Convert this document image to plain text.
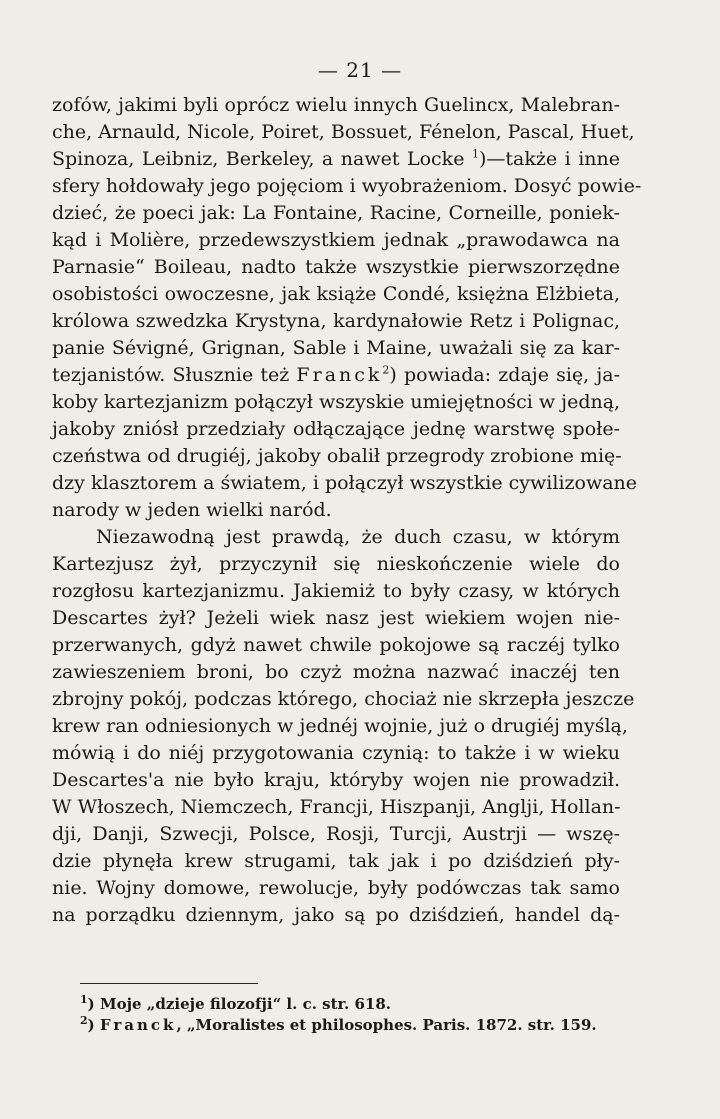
— 21 —
zofów, jakimi byli oprócz wielu innych Guelincx, Malebran-
che, Arnauld, Nicole, Poiret, Bossuet, Fénelon, Pascal, Huet,
Spinoza, Leibniz, Berkeley, a nawet Locke $^1$)—także i inne
sfery hołdowały jego pojęciom i wyobrażeniom. Dosyć powie-
dzieć, że poeci jak: La Fontaine, Racine, Corneille, poniek-
kąd i Molière, przedewszystkiem jednak „prawodawca na
Parnasie“ Boileau, nadto także wszystkie pierwszorzędne
osobistości owoczesne, jak książe Condé, księżna Elżbieta,
królowa szwedzka Krystyna, kardynałowie Retz i Polignac,
panie Sévigné, Grignan, Sable i Maine, uważali się za kar-
tezjanistów. Słusznie też Franck$^2$) powiada: zdaje się, ja-
koby kartezjanizm połączył wszyskie umiejętności w jedną,
jakoby zniósł przedziały odłączające jednę warstwę społe-
czeństwa od drugiéj, jakoby obalił przegrody zrobione mię-
dzy klasztorem a światem, i połączył wszystkie cywilizowane
narody w jeden wielki naród.
Niezawodną jest prawdą, że duch czasu, w którym
Kartezjusz żył, przyczynił się nieskończenie wiele do
rozgłosu kartezjanizmu. Jakiemiż to były czasy, w których
Descartes żył? Jeżeli wiek nasz jest wiekiem wojen nie-
przerwanych, gdyż nawet chwile pokojowe są raczéj tylko
zawieszeniem broni, bo czyż można nazwać inaczéj ten
zbrojny pokój, podczas którego, chociaż nie skrzepła jeszcze
krew ran odniesionych w jednéj wojnie, już o drugiéj myślą,
mówią i do niéj przygotowania czynią: to także i w wieku
Descartes'a nie było kraju, któryby wojen nie prowadził.
W Włoszech, Niemczech, Francji, Hiszpanji, Anglji, Hollan-
dji, Danji, Szwecji, Polsce, Rosji, Turcji, Austrji — wszę-
dzie płynęła krew strugami, tak jak i po dziśdzień pły-
nie. Wojny domowe, rewolucje, były podówczas tak samo
na porządku dziennym, jako są po dziśdzień, handel dą-
$^1$) Moje „dzieje filozofji“ l. c. str. 618.
$^2$) Franck, „Moralistes et philosophes. Paris. 1872. str. 159.
